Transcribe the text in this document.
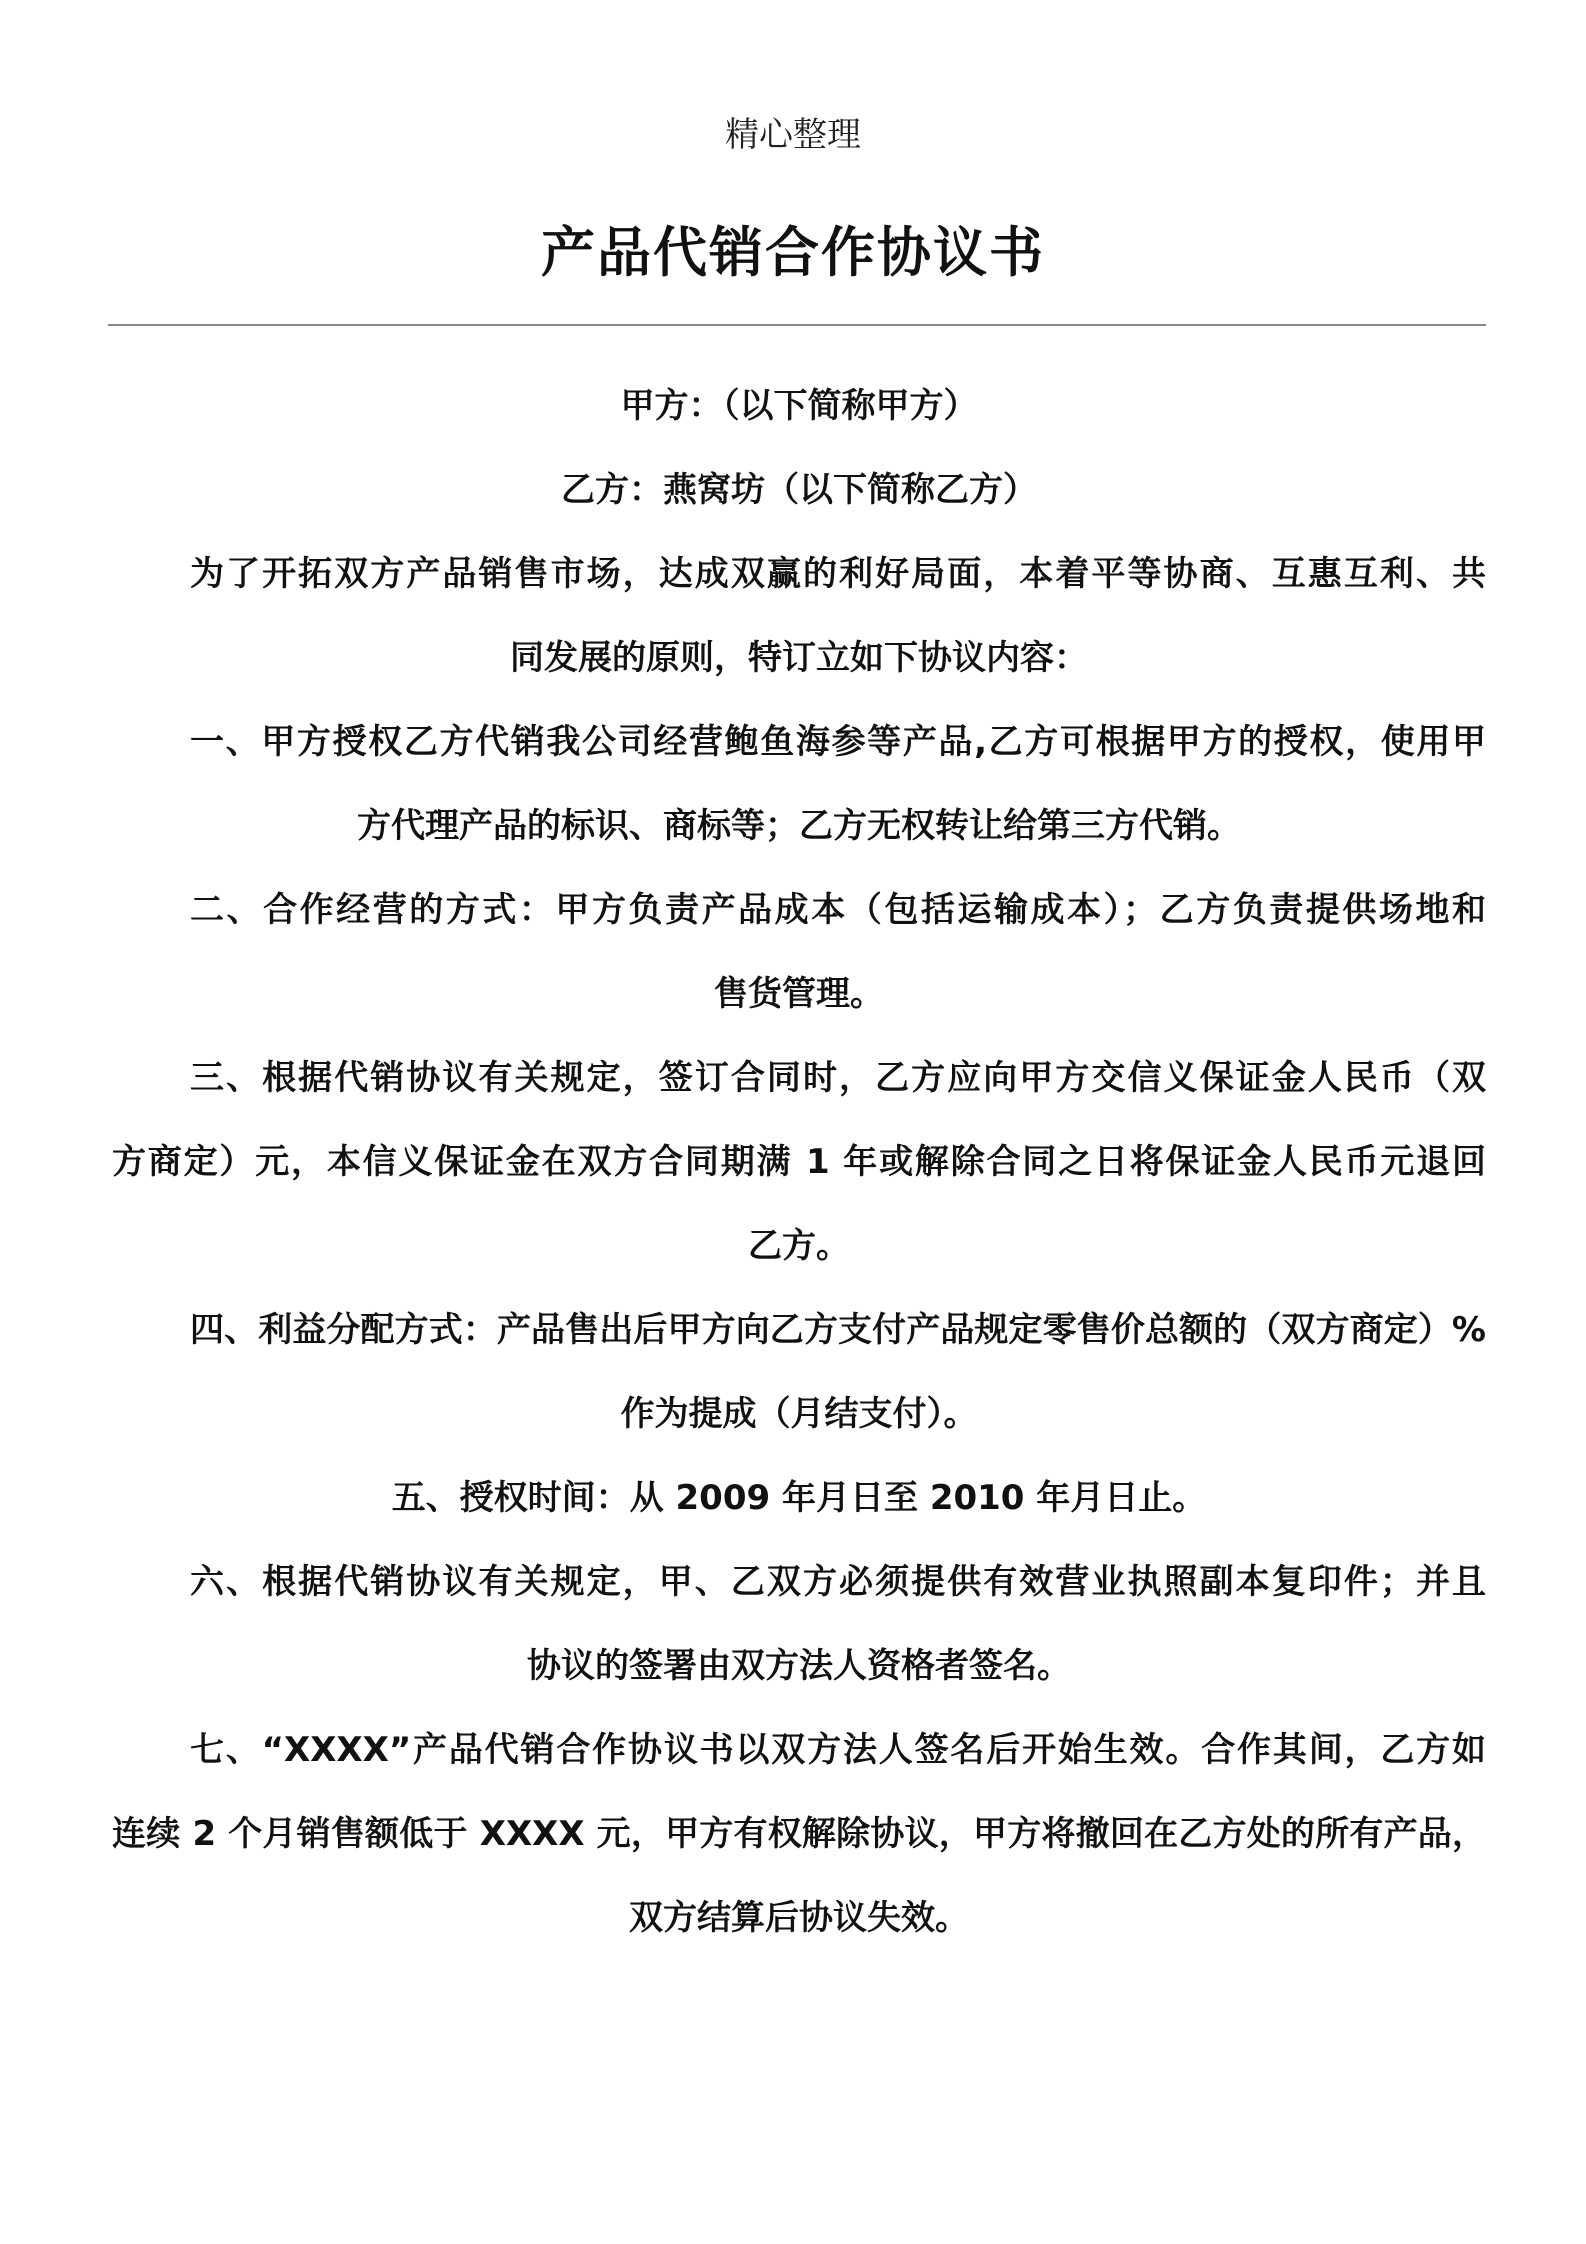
精心整理
产品代销合作协议书
甲方：（以下简称甲方）
乙方：燕窝坊（以下简称乙方）
为了开拓双方产品销售市场，达成双赢的利好局面，本着平等协商、互惠互利、共
同发展的原则，特订立如下协议内容：
一、甲方授权乙方代销我公司经营鲍鱼海参等产品,乙方可根据甲方的授权，使用甲
方代理产品的标识、商标等；乙方无权转让给第三方代销。
二、合作经营的方式：甲方负责产品成本（包括运输成本）；乙方负责提供场地和
售货管理。
三、根据代销协议有关规定，签订合同时，乙方应向甲方交信义保证金人民币（双
方商定）元，本信义保证金在双方合同期满 1 年或解除合同之日将保证金人民币元退回
乙方。
四、利益分配方式：产品售出后甲方向乙方支付产品规定零售价总额的（双方商定）%
作为提成（月结支付）。
五、授权时间：从 2009 年月日至 2010 年月日止。
六、根据代销协议有关规定，甲、乙双方必须提供有效营业执照副本复印件；并且
协议的签署由双方法人资格者签名。
七、“XXXX”产品代销合作协议书以双方法人签名后开始生效。合作其间，乙方如
连续 2 个月销售额低于 XXXX 元，甲方有权解除协议，甲方将撤回在乙方处的所有产品，
双方结算后协议失效。
